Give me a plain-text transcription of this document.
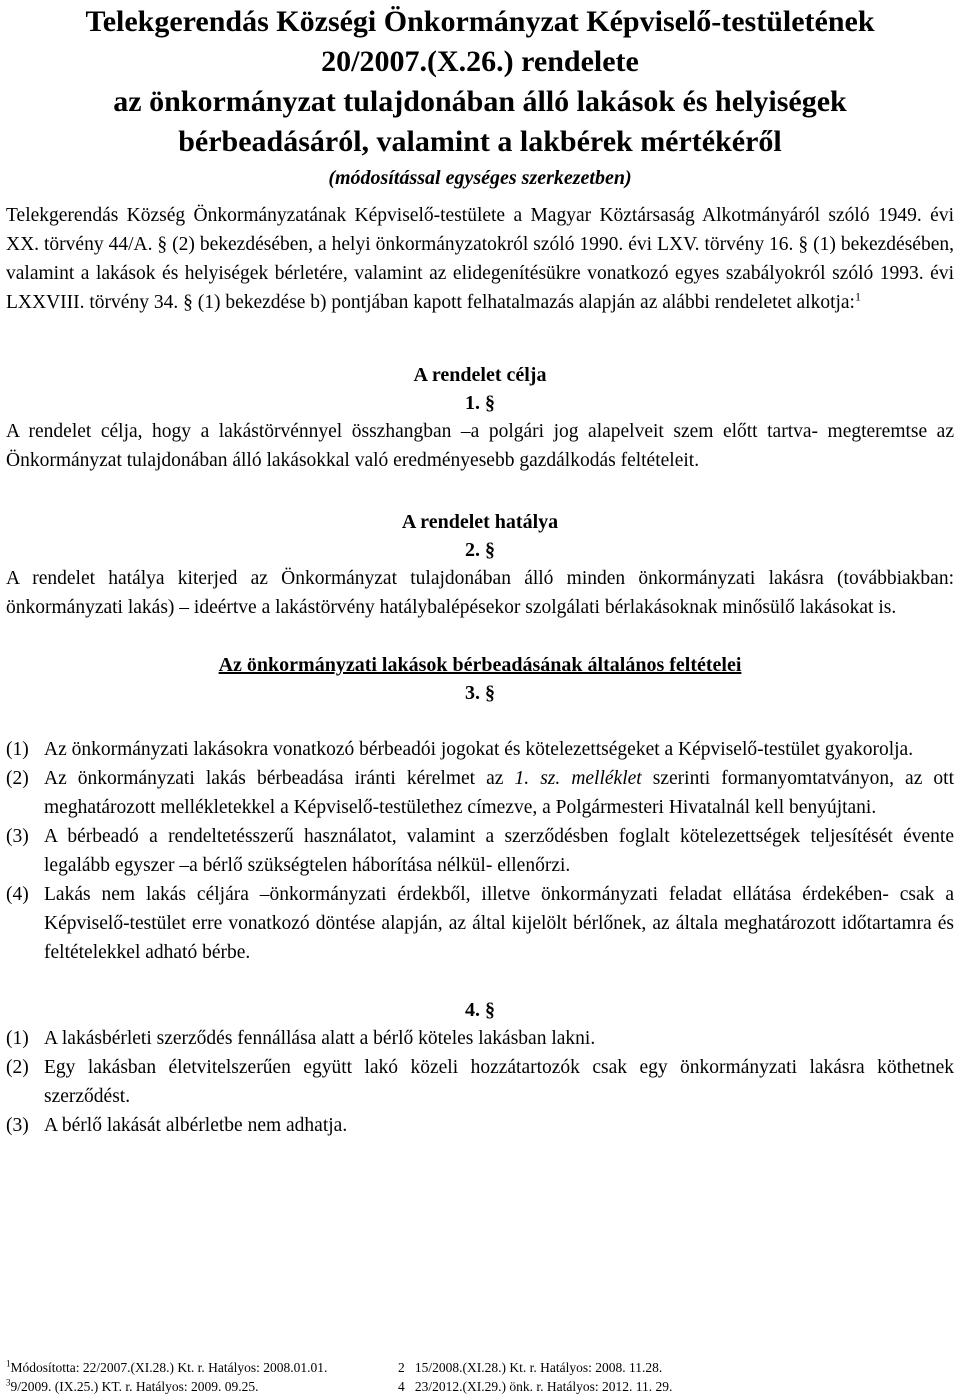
Telekgerendás Községi Önkormányzat Képviselő-testületének
20/2007.(X.26.) rendelete
az önkormányzat tulajdonában álló lakások és helyiségek
bérbeadásáról, valamint a lakbérek mértékéről
(módosítással egységes szerkezetben)

Telekgerendás Község Önkormányzatának Képviselő-testülete a Magyar Köztársaság Alkotmányáról szóló 1949. évi XX. törvény 44/A. § (2) bekezdésében, a helyi önkormányzatokról szóló 1990. évi LXV. törvény 16. § (1) bekezdésében, valamint a lakások és helyiségek bérletére, valamint az elidegenítésükre vonatkozó egyes szabályokról szóló 1993. évi LXXVIII. törvény 34. § (1) bekezdése b) pontjában kapott felhatalmazás alapján az alábbi rendeletet alkotja:$^1$

A rendelet célja
1. §

A rendelet célja, hogy a lakástörvénnyel összhangban –a polgári jog alapelveit szem előtt tartva- megteremtse az Önkormányzat tulajdonában álló lakásokkal való eredményesebb gazdálkodás feltételeit.

A rendelet hatálya
2. §

A rendelet hatálya kiterjed az Önkormányzat tulajdonában álló minden önkormányzati lakásra (továbbiakban: önkormányzati lakás) – ideértve a lakástörvény hatálybalépésekor szolgálati bérlakásoknak minősülő lakásokat is.

Az önkormányzati lakások bérbeadásának általános feltételei
3. §
(1) Az önkormányzati lakásokra vonatkozó bérbeadói jogokat és kötelezettségeket a Képviselő-testület gyakorolja.
(2) Az önkormányzati lakás bérbeadása iránti kérelmet az 1. sz. melléklet szerinti formanyomtatványon, az ott meghatározott mellékletekkel a Képviselő-testülethez címezve, a Polgármesteri Hivatalnál kell benyújtani.
(3) A bérbeadó a rendeltetésszerű használatot, valamint a szerződésben foglalt kötelezettségek teljesítését évente legalább egyszer –a bérlő szükségtelen háborítása nélkül- ellenőrzi.
(4) Lakás nem lakás céljára –önkormányzati érdekből, illetve önkormányzati feladat ellátása érdekében- csak a Képviselő-testület erre vonatkozó döntése alapján, az által kijelölt bérlőnek, az általa meghatározott időtartamra és feltételekkel adható bérbe.
4. §
(1) A lakásbérleti szerződés fennállása alatt a bérlő köteles lakásban lakni.
(2) Egy lakásban életvitelszerűen együtt lakó közeli hozzátartozók csak egy önkormányzati lakásra köthetnek szerződést.
(3) A bérlő lakását albérletbe nem adhatja.
$^1$Módosította: 22/2007.(XI.28.) Kt. r. Hatályos: 2008.01.01.	2 15/2008.(XI.28.) Kt. r. Hatályos: 2008. 11.28.
$^3$9/2009. (IX.25.) KT. r. Hatályos: 2009. 09.25.	4 23/2012.(XI.29.) önk. r. Hatályos: 2012. 11. 29.
